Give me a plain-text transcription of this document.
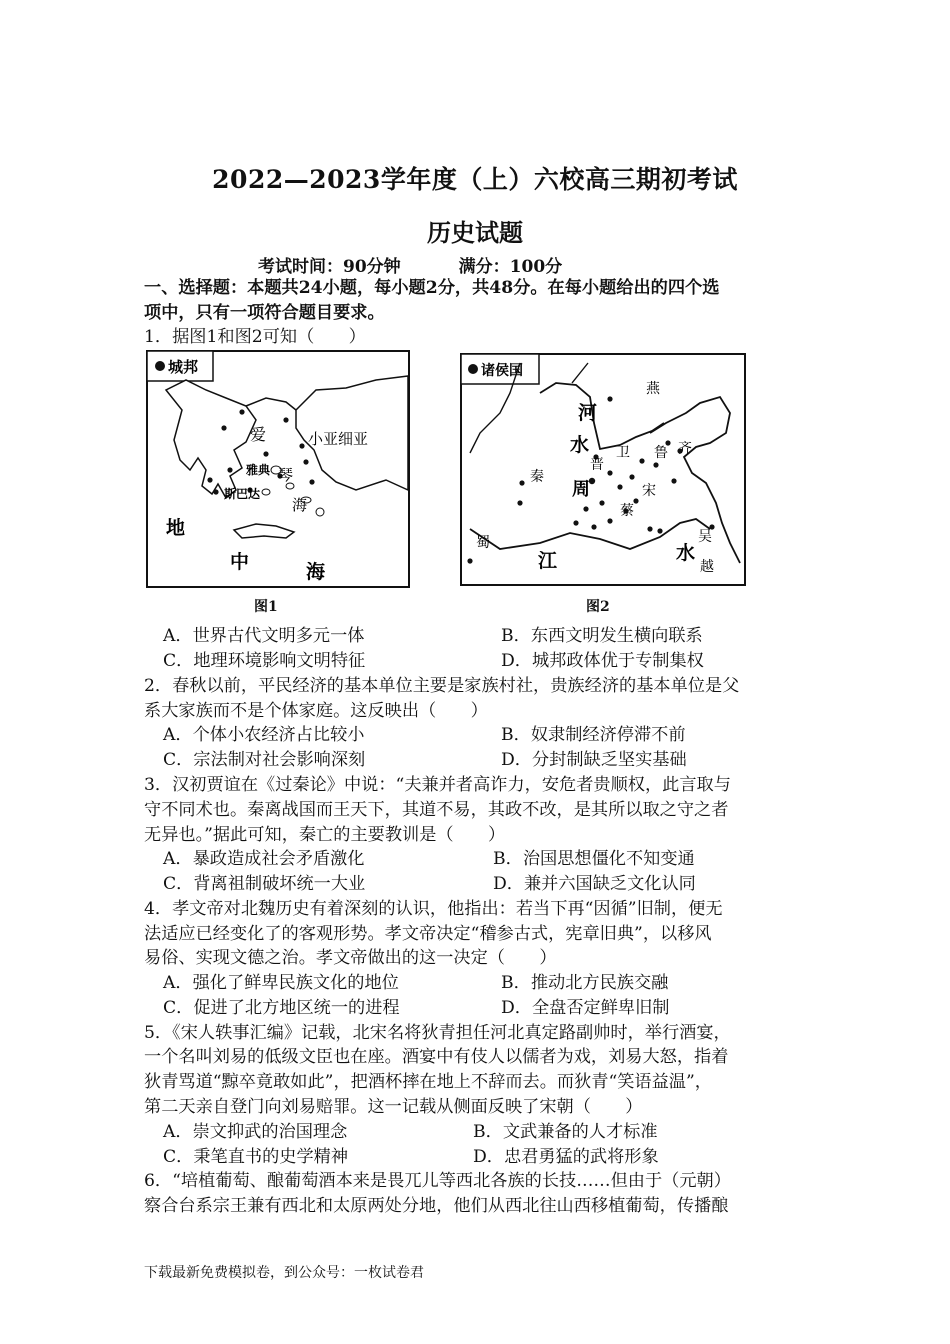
2022—2023学年度（上）六校高三期初考试
历史试题
考试时间：90分钟	满分：100分
一、选择题：本题共24小题，每小题2分，共48分。在每小题给出的四个选
项中，只有一项符合题目要求。
1．据图1和图2可知（　　）
城邦
爱	小亚细亚
雅典 琴
斯巴达
海
地
中	海
图1
诸侯国
燕
河
水
晋
卫 鲁 齐
秦
周	宋
蔡
蜀
江
吴
水
越
图2
A．世界古代文明多元一体	B．东西文明发生横向联系
C．地理环境影响文明特征	D．城邦政体优于专制集权
2．春秋以前，平民经济的基本单位主要是家族村社，贵族经济的基本单位是父
系大家族而不是个体家庭。这反映出（　　）
A．个体小农经济占比较小	B．奴隶制经济停滞不前
C．宗法制对社会影响深刻	D．分封制缺乏坚实基础
3．汉初贾谊在《过秦论》中说：“夫兼并者高诈力，安危者贵顺权，此言取与
守不同术也。秦离战国而王天下，其道不易，其政不改，是其所以取之守之者
无异也。”据此可知，秦亡的主要教训是（　　）
A．暴政造成社会矛盾激化	B．治国思想僵化不知变通
C．背离祖制破坏统一大业	D．兼并六国缺乏文化认同
4．孝文帝对北魏历史有着深刻的认识，他指出：若当下再“因循”旧制，便无
法适应已经变化了的客观形势。孝文帝决定“稽参古式，宪章旧典”，以移风
易俗、实现文德之治。孝文帝做出的这一决定（　　）
A．强化了鲜卑民族文化的地位	B．推动北方民族交融
C．促进了北方地区统一的进程	D．全盘否定鲜卑旧制
5．《宋人轶事汇编》记载，北宋名将狄青担任河北真定路副帅时，举行酒宴，
一个名叫刘易的低级文臣也在座。酒宴中有伎人以儒者为戏，刘易大怒，指着
狄青骂道“黥卒竟敢如此”，把酒杯摔在地上不辞而去。而狄青“笑语益温”，
第二天亲自登门向刘易赔罪。这一记载从侧面反映了宋朝（　　）
A．崇文抑武的治国理念	B．文武兼备的人才标准
C．秉笔直书的史学精神	D．忠君勇猛的武将形象
6．“培植葡萄、酿葡萄酒本来是畏兀儿等西北各族的长技……但由于（元朝）
察合台系宗王兼有西北和太原两处分地，他们从西北往山西移植葡萄，传播酿
下载最新免费模拟卷，到公众号：一枚试卷君
